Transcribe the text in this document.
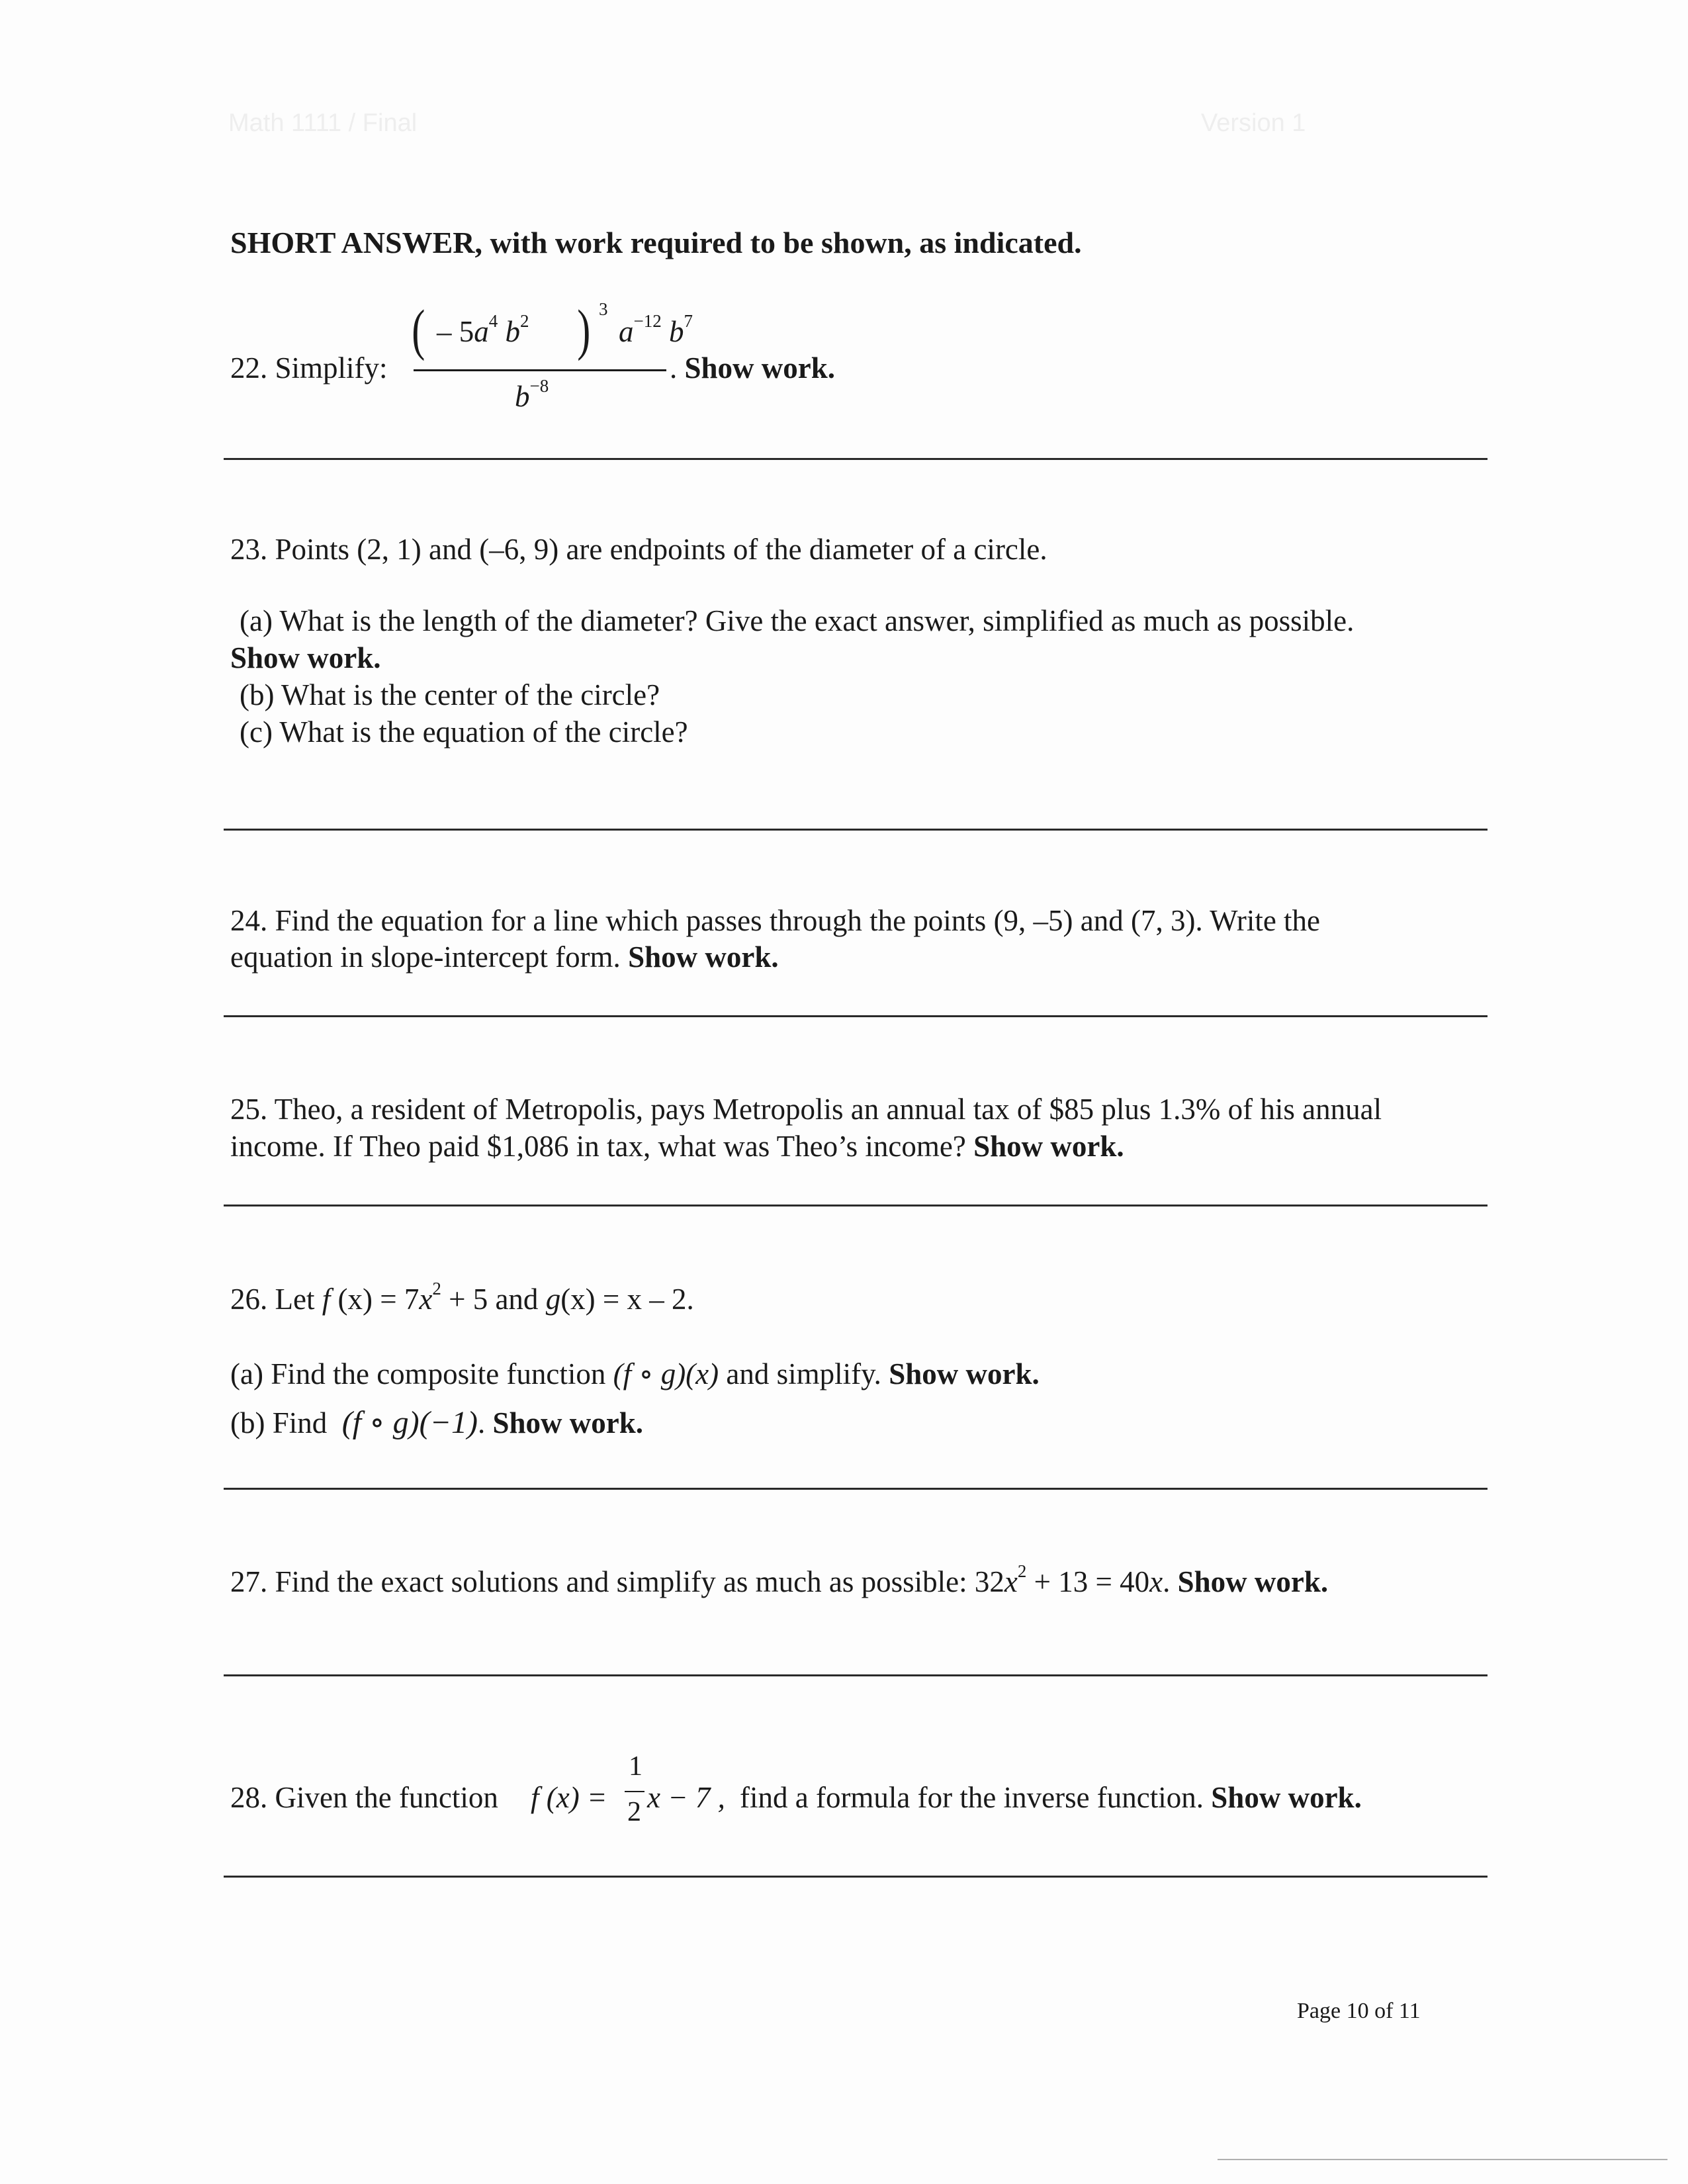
Math 1111 / Final	Version 1
SHORT ANSWER, with work required to be shown, as indicated.
22. Simplify:
( – $5a^4$ $b^2$ ) 3
$a^{-12}$ $b^7$
$b^{-8}$
. Show work.
23. Points (2, 1) and (–6, 9) are endpoints of the diameter of a circle.
(a) What is the length of the diameter? Give the exact answer, simplified as much as possible.
Show work.
(b) What is the center of the circle?
(c) What is the equation of the circle?
24. Find the equation for a line which passes through the points (9, –5) and (7, 3). Write the
equation in slope-intercept form. Show work.
25. Theo, a resident of Metropolis, pays Metropolis an annual tax of $85 plus 1.3% of his annual
income. If Theo paid $1,086 in tax, what was Theo’s income? Show work.
26. Let f $(x) = 7x^2 + 5$ and g(x) = x – 2.
(a) Find the composite function (f ∘ g)(x) and simplify. Show work.
(b) Find (f ∘ g)(−1). Show work.
27. Find the exact solutions and simplify as much as possible: $32x^2 + 13 = 40x$. Show work.
28. Given the function f (x) =
1
2 x − 7 , find a formula for the inverse function. Show work.
Page 10 of 11
